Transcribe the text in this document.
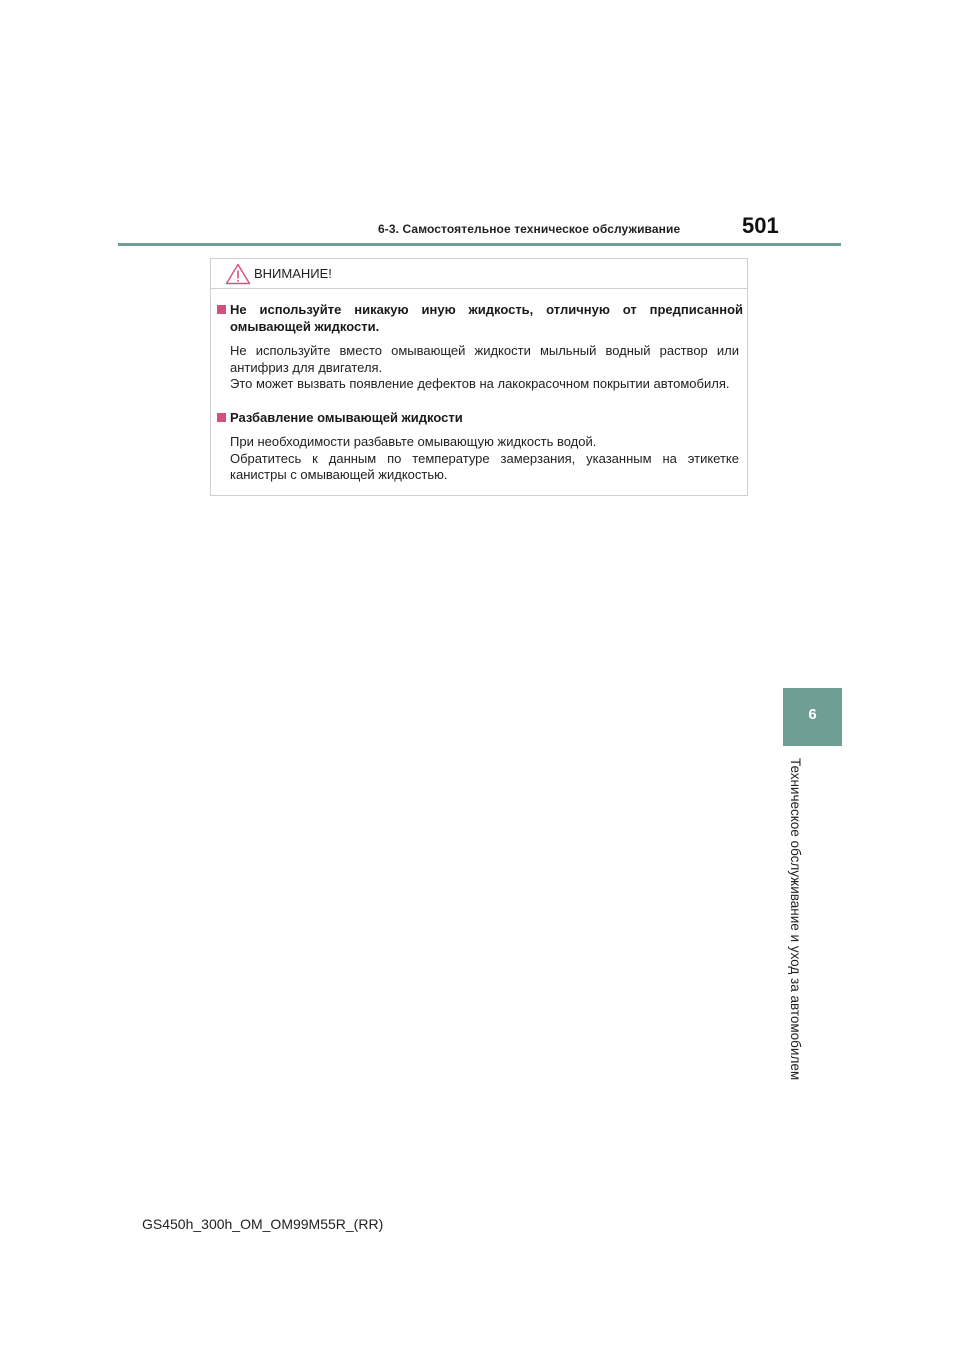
6-3. Самостоятельное техническое обслуживание	501
ВНИМАНИЕ!
Не используйте никакую иную жидкость, отличную от предписанной омывающей жидкости.
Не используйте вместо омывающей жидкости мыльный водный раствор или антифриз для двигателя.
Это может вызвать появление дефектов на лакокрасочном покрытии автомобиля.
Разбавление омывающей жидкости
При необходимости разбавьте омывающую жидкость водой.
Обратитесь к данным по температуре замерзания, указанным на этикетке канистры с омывающей жидкостью.
6
Техническое обслуживание и уход за автомобилем
GS450h_300h_OM_OM99M55R_(RR)
